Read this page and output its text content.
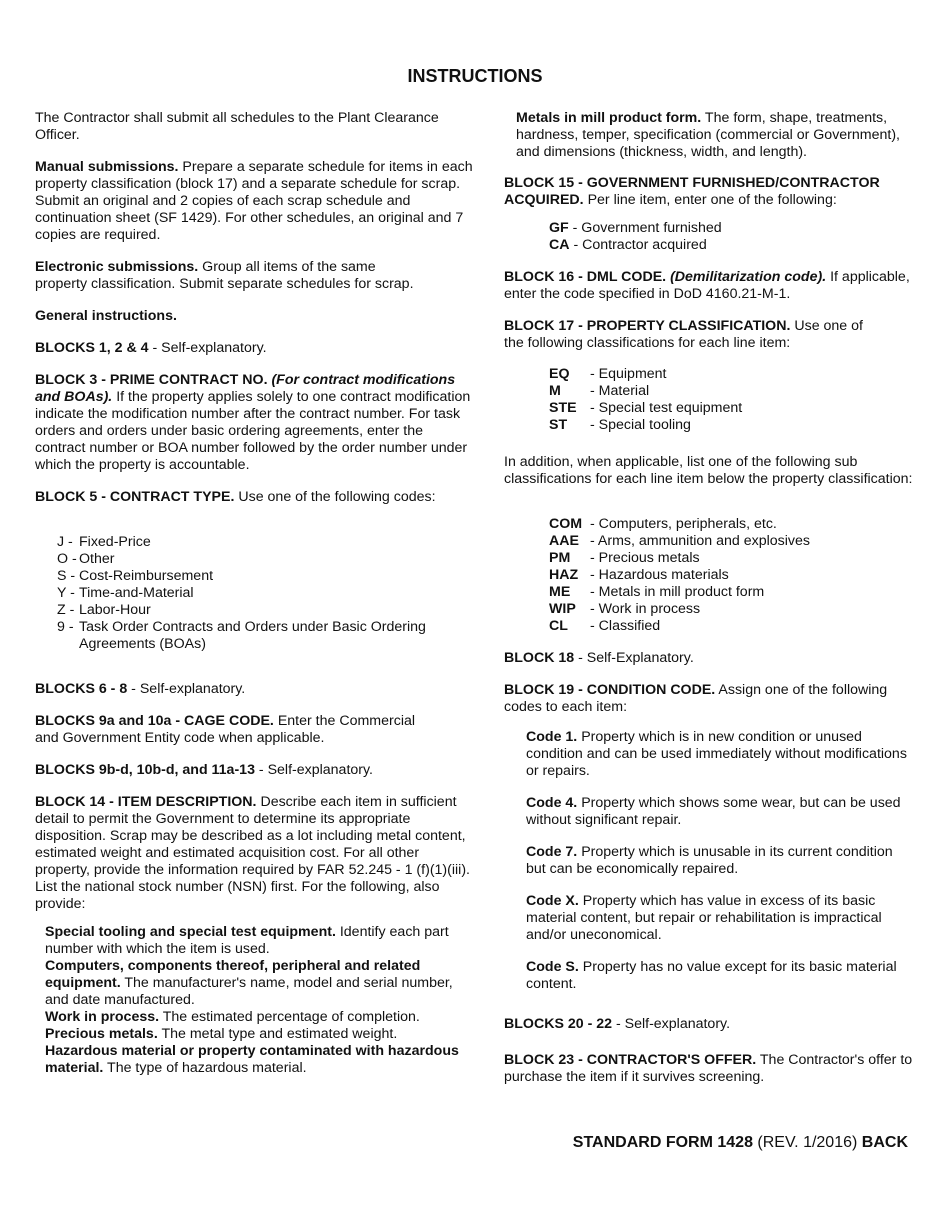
INSTRUCTIONS

The Contractor shall submit all schedules to the Plant Clearance Officer.

Manual submissions. Prepare a separate schedule for items in each property classification (block 17) and a separate schedule for scrap. Submit an original and 2 copies of each scrap schedule and continuation sheet (SF 1429). For other schedules, an original and 7 copies are required.

Electronic submissions. Group all items of the same property classification. Submit separate schedules for scrap.

General instructions.

BLOCKS 1, 2 & 4 - Self-explanatory.

BLOCK 3 - PRIME CONTRACT NO. (For contract modifications and BOAs). If the property applies solely to one contract modification indicate the modification number after the contract number. For task orders and orders under basic ordering agreements, enter the contract number or BOA number followed by the order number under which the property is accountable.

BLOCK 5 - CONTRACT TYPE. Use one of the following codes:

J - Fixed-Price
O - Other
S - Cost-Reimbursement
Y - Time-and-Material
Z - Labor-Hour
9 - Task Order Contracts and Orders under Basic Ordering Agreements (BOAs)

BLOCKS 6 - 8 - Self-explanatory.

BLOCKS 9a and 10a - CAGE CODE. Enter the Commercial and Government Entity code when applicable.

BLOCKS 9b-d, 10b-d, and 11a-13 - Self-explanatory.

BLOCK 14 - ITEM DESCRIPTION. Describe each item in sufficient detail to permit the Government to determine its appropriate disposition. Scrap may be described as a lot including metal content, estimated weight and estimated acquisition cost. For all other property, provide the information required by FAR 52.245 - 1 (f)(1)(iii). List the national stock number (NSN) first. For the following, also provide:

Special tooling and special test equipment. Identify each part number with which the item is used.

Computers, components thereof, peripheral and related equipment. The manufacturer's name, model and serial number, and date manufactured.

Work in process. The estimated percentage of completion.

Precious metals. The metal type and estimated weight.

Hazardous material or property contaminated with hazardous material. The type of hazardous material.

Metals in mill product form. The form, shape, treatments, hardness, temper, specification (commercial or Government), and dimensions (thickness, width, and length).

BLOCK 15 - GOVERNMENT FURNISHED/CONTRACTOR ACQUIRED. Per line item, enter one of the following:

GF - Government furnished

CA - Contractor acquired

BLOCK 16 - DML CODE. (Demilitarization code). If applicable, enter the code specified in DoD 4160.21-M-1.

BLOCK 17 - PROPERTY CLASSIFICATION. Use one of the following classifications for each line item:

EQ	- Equipment
M	- Material
STE - Special test equipment
ST	- Special tooling

In addition, when applicable, list one of the following sub classifications for each line item below the property classification:

COM - Computers, peripherals, etc.
AAE - Arms, ammunition and explosives
PM	- Precious metals
HAZ - Hazardous materials
ME	- Metals in mill product form
WIP	- Work in process
CL	- Classified

BLOCK 18 - Self-Explanatory.

BLOCK 19 - CONDITION CODE. Assign one of the following codes to each item:

Code 1. Property which is in new condition or unused condition and can be used immediately without modifications or repairs.

Code 4. Property which shows some wear, but can be used without significant repair.

Code 7. Property which is unusable in its current condition but can be economically repaired.

Code X. Property which has value in excess of its basic material content, but repair or rehabilitation is impractical and/or uneconomical.

Code S. Property has no value except for its basic material content.

BLOCKS 20 - 22 - Self-explanatory.

BLOCK 23 - CONTRACTOR'S OFFER. The Contractor's offer to purchase the item if it survives screening.

STANDARD FORM 1428 (REV. 1/2016) BACK
